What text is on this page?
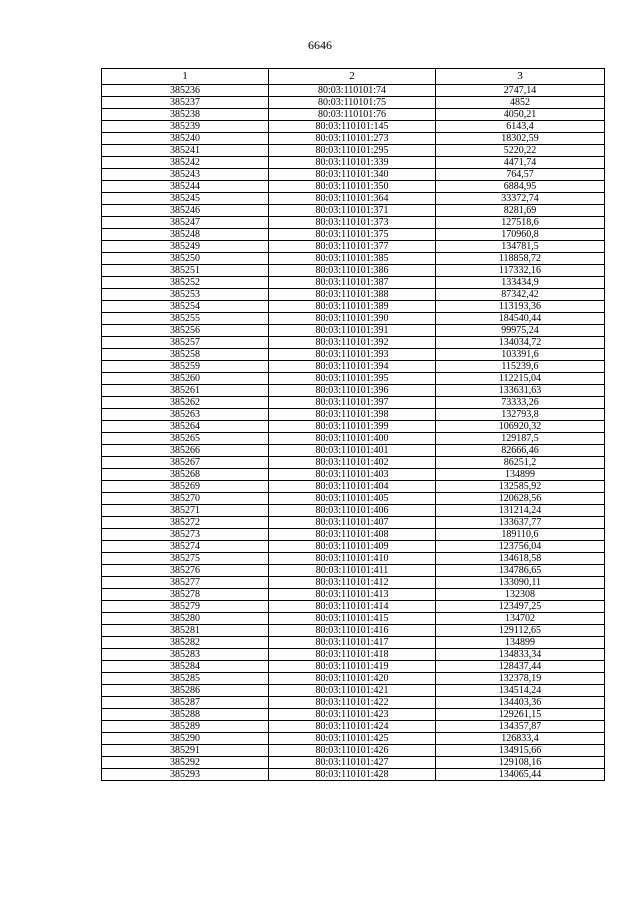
6646
1	2	3
385236	80:03:110101:74	2747,14
385237	80:03:110101:75	4852
385238	80:03:110101:76	4050,21
385239	80:03:110101:145	6143,4
385240	80:03:110101:273	18302,59
385241	80:03:110101:295	5220,22
385242	80:03:110101:339	4471,74
385243	80:03:110101:340	764,57
385244	80:03:110101:350	6884,95
385245	80:03:110101:364	33372,74
385246	80:03:110101:371	8281,69
385247	80:03:110101:373	127518,6
385248	80:03:110101:375	170960,8
385249	80:03:110101:377	134781,5
385250	80:03:110101:385	118858,72
385251	80:03:110101:386	117332,16
385252	80:03:110101:387	133434,9
385253	80:03:110101:388	87342,42
385254	80:03:110101:389	113193,36
385255	80:03:110101:390	184540,44
385256	80:03:110101:391	99975,24
385257	80:03:110101:392	134034,72
385258	80:03:110101:393	103391,6
385259	80:03:110101:394	115239,6
385260	80:03:110101:395	112215,04
385261	80:03:110101:396	133631,63
385262	80:03:110101:397	73333,26
385263	80:03:110101:398	132793,8
385264	80:03:110101:399	106920,32
385265	80:03:110101:400	129187,5
385266	80:03:110101:401	82666,46
385267	80:03:110101:402	86251,2
385268	80:03:110101:403	134899
385269	80:03:110101:404	132585,92
385270	80:03:110101:405	120628,56
385271	80:03:110101:406	131214,24
385272	80:03:110101:407	133637,77
385273	80:03:110101:408	189110,6
385274	80:03:110101:409	123756,04
385275	80:03:110101:410	134618,58
385276	80:03:110101:411	134786,65
385277	80:03:110101:412	133090,11
385278	80:03:110101:413	132308
385279	80:03:110101:414	123497,25
385280	80:03:110101:415	134702
385281	80:03:110101:416	129112,65
385282	80:03:110101:417	134899
385283	80:03:110101:418	134833,34
385284	80:03:110101:419	128437,44
385285	80:03:110101:420	132378,19
385286	80:03:110101:421	134514,24
385287	80:03:110101:422	134403,36
385288	80:03:110101:423	129261,15
385289	80:03:110101:424	134357,87
385290	80:03:110101:425	126833,4
385291	80:03:110101:426	134915,66
385292	80:03:110101:427	129108,16
385293	80:03:110101:428	134065,44
